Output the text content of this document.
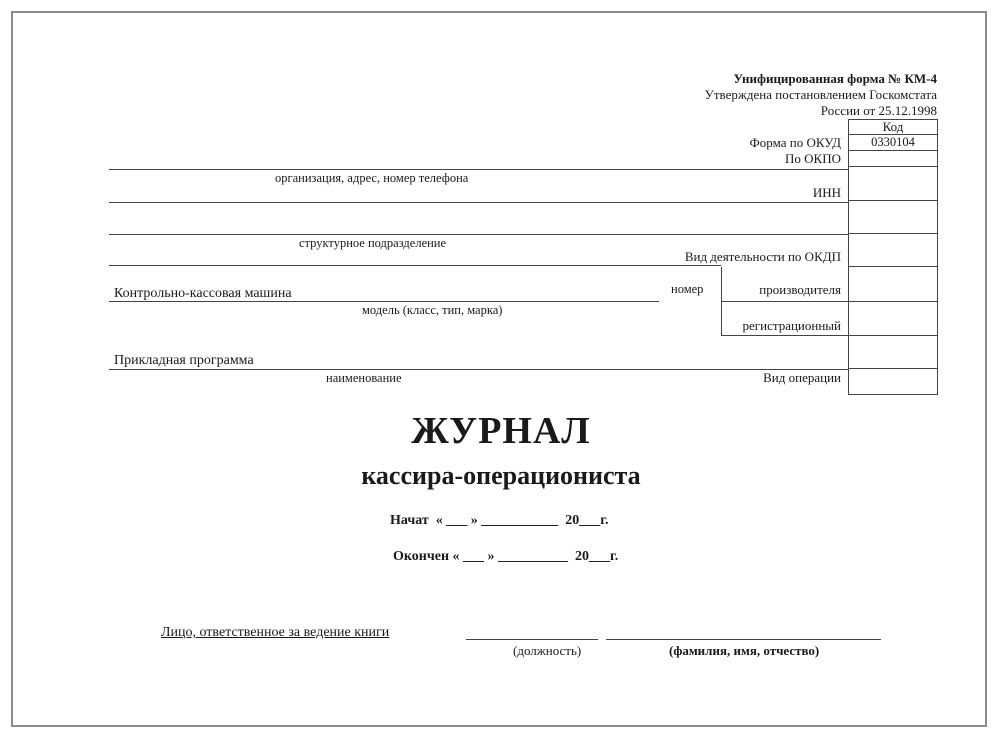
Унифицированная форма № КМ-4
Утверждена постановлением Госкомстата
России от 25.12.1998
Код
0330104
Форма по ОКУД
По ОКПО
ИНН
Вид деятельности по ОКДП
номер	производителя
регистрационный
Вид операции
организация, адрес, номер телефона
структурное подразделение
Контрольно-кассовая машина
модель (класс, тип, марка)
Прикладная программа
наименование
ЖУРНАЛ
кассира-операциониста
Начат  « ___ » ___________  20___г.
Окончен « ___ » __________  20___г.
Лицо, ответственное за ведение книги
(должность)	(фамилия, имя, отчество)
